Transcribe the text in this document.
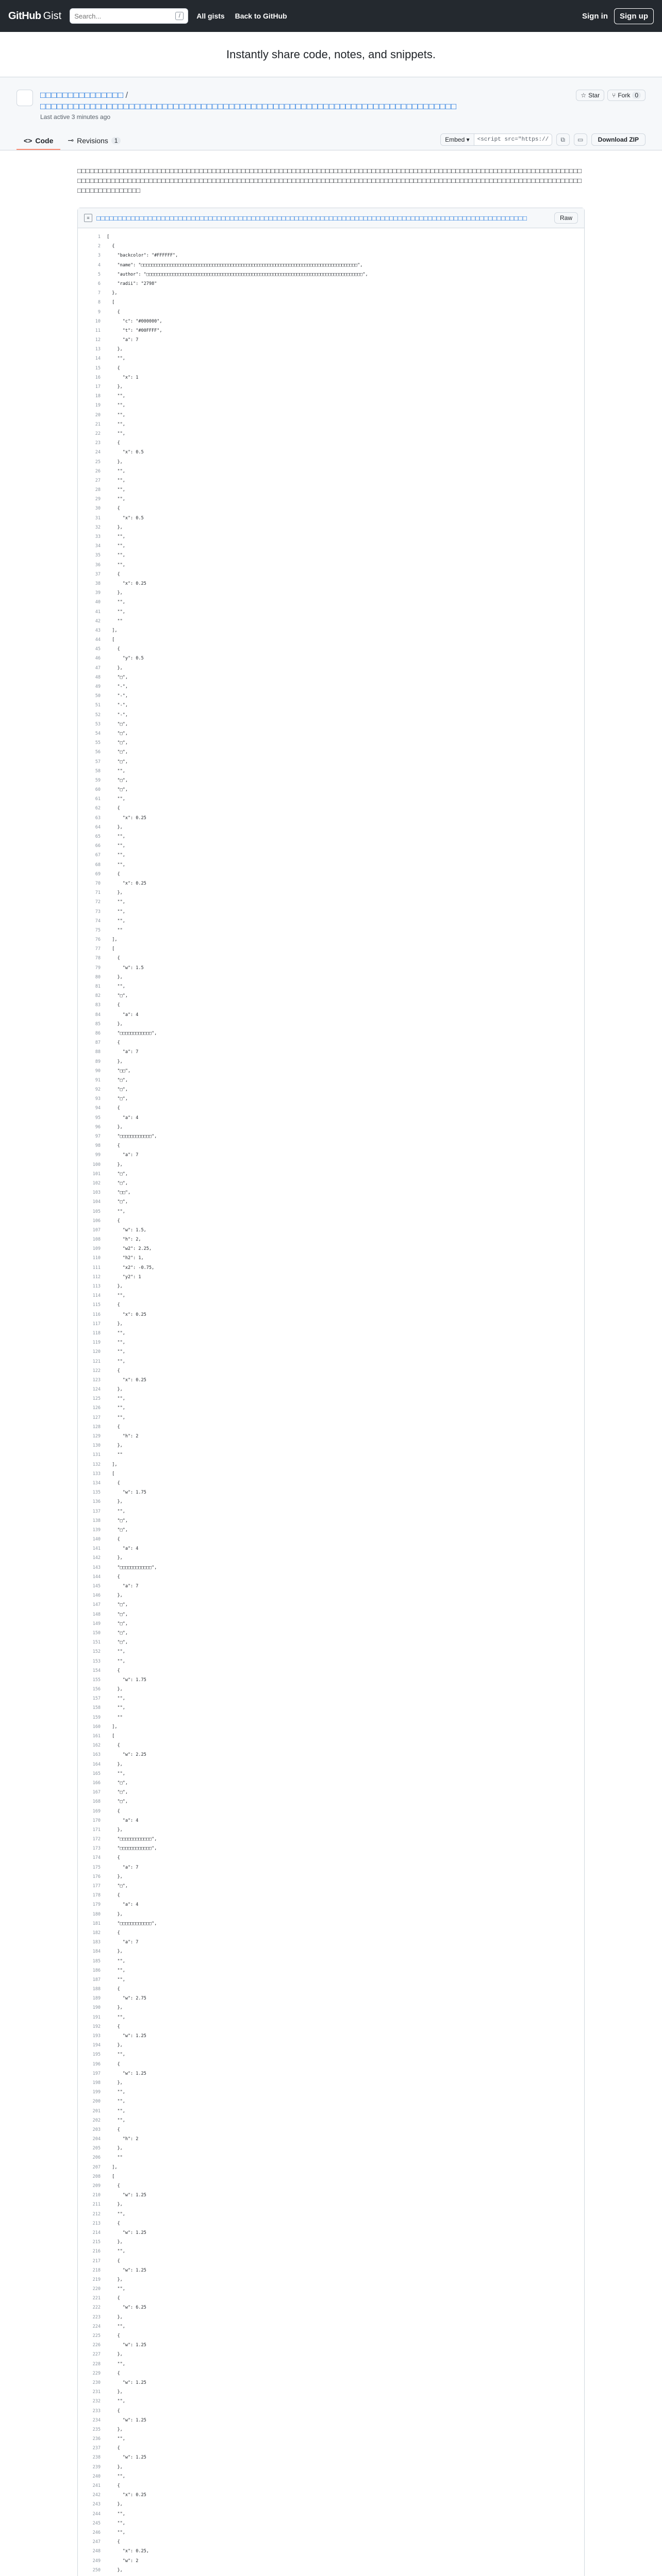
GitHub Gist
Search...	/	All gists Back to GitHub	Sign in	Sign up
Instantly share code, notes, and snippets.
□□□□□□□□□□□□□□□ /
□□□□□□□□□□□□□□□□□□□□□□□□□□□□□□□□□□□□□□□□□□□□□□□□□□□□□□□□□□□□□□□□□□□□□□□□□□□
Last active 3 minutes ago
☆ Star ⑂ Fork 0
<> Code ⊸ Revisions	1	Embed ▾
<script src="https://	⧉	▭	Download ZIP
□□□□□□□□□□□□□□□□□□□□□□□□□□□□□□□□□□□□□□□□□□□□□□□□□□□□□□□□□□□□□□□□□□□□□□□□□□□□□□□□□□□□□□□□□□□□□□□□□□□□□□□□□□□□□□□□□□□□□□□□□□□□□□□□□□□□□□□□□□□□□□□□□□□□□□□□□□□□□□□□□□□□□□□□□□□□□□□□□□□□□□□□□□□□□□□□□□□□□□□□□□□□□□□□□□□□□□□□□□□□□□□□□□□□□□□□□□□□□□□□□□□□□□□□□□□□□□□
≡	□□□□□□□□□□□□□□□□□□□□□□□□□□□□□□□□□□□□□□□□□□□□□□□□□□□□□□□□□□□□□□□□□□□□□□□□□□□□□□□□□□□□□□□□□□□□□□□□□□□□	Raw
1	[
2	{
3	"backcolor": "#FFFFFF",
4	"name": "□□□□□□□□□□□□□□□□□□□□□□□□□□□□□□□□□□□□□□□□□□□□□□□□□□□□□□□□□□□□□□□□□□□□□□□□□□□□□□□□□□",
5	"author": "□□□□□□□□□□□□□□□□□□□□□□□□□□□□□□□□□□□□□□□□□□□□□□□□□□□□□□□□□□□□□□□□□□□□□□□□□□□□□□□□□□",
6	"radii": "2798"
7	},
8	[
9	{
10	"c": "#000000",
11	"t": "#00FFFF",
12	"a": 7
13	},
14	"",
15	{
16	"x": 1
17	},
18	"",
19	"",
20	"",
21	"",
22	"",
23	{
24	"x": 0.5
25	},
26	"",
27	"",
28	"",
29	"",
30	{
31	"x": 0.5
32	},
33	"",
34	"",
35	"",
36	"",
37	{
38	"x": 0.25
39	},
40	"",
41	"",
42	""
43	],
44	[
45	{
46	"y": 0.5
47	},
48	"□",
49	"-",
50	"-",
51	"-",
52	"-",
53	"□",
54	"□",
55	"□",
56	"□",
57	"□",
58	"",
59	"□",
60	"□",
61	"",
62	{
63	"x": 0.25
64	},
65	"",
66	"",
67	"",
68	"",
69	{
70	"x": 0.25
71	},
72	"",
73	"",
74	"",
75	""
76	],
77	[
78	{
79	"w": 1.5
80	},
81	"",
82	"□",
83	{
84	"a": 4
85	},
86	"□□□□□□□□□□□□",
87	{
88	"a": 7
89	},
90	"□□",
91	"□",
92	"□",
93	"□",
94	{
95	"a": 4
96	},
97	"□□□□□□□□□□□□",
98	{
99	"a": 7
100	},
101	"□",
102	"□",
103	"□□",
104	"□",
105	"",
106	{
107	"w": 1.5,
108	"h": 2,
109	"w2": 2.25,
110	"h2": 1,
111	"x2": -0.75,
112	"y2": 1
113	},
114	"",
115	{
116	"x": 0.25
117	},
118	"",
119	"",
120	"",
121	"",
122	{
123	"x": 0.25
124	},
125	"",
126	"",
127	"",
128	{
129	"h": 2
130	},
131	""
132	],
133	[
134	{
135	"w": 1.75
136	},
137	"",
138	"□",
139	"□",
140	{
141	"a": 4
142	},
143	"□□□□□□□□□□□□",
144	{
145	"a": 7
146	},
147	"□",
148	"□",
149	"□",
150	"□",
151	"□",
152	"",
153	"",
154	{
155	"w": 1.75
156	},
157	"",
158	"",
159	""
160	],
161	[
162	{
163	"w": 2.25
164	},
165	"",
166	"□",
167	"□",
168	"□",
169	{
170	"a": 4
171	},
172	"□□□□□□□□□□□□",
173	"□□□□□□□□□□□□",
174	{
175	"a": 7
176	},
177	"□",
178	{
179	"a": 4
180	},
181	"□□□□□□□□□□□□",
182	{
183	"a": 7
184	},
185	"",
186	"",
187	"",
188	{
189	"w": 2.75
190	},
191	"",
192	{
193	"w": 1.25
194	},
195	"",
196	{
197	"w": 1.25
198	},
199	"",
200	"",
201	"",
202	"",
203	{
204	"h": 2
205	},
206	""
207	],
208	[
209	{
210	"w": 1.25
211	},
212	"",
213	{
214	"w": 1.25
215	},
216	"",
217	{
218	"w": 1.25
219	},
220	"",
221	{
222	"w": 6.25
223	},
224	"",
225	{
226	"w": 1.25
227	},
228	"",
229	{
230	"w": 1.25
231	},
232	"",
233	{
234	"w": 1.25
235	},
236	"",
237	{
238	"w": 1.25
239	},
240	"",
241	{
242	"x": 0.25
243	},
244	"",
245	"",
246	"",
247	{
248	"x": 0.25,
249	"w": 2
250	},
